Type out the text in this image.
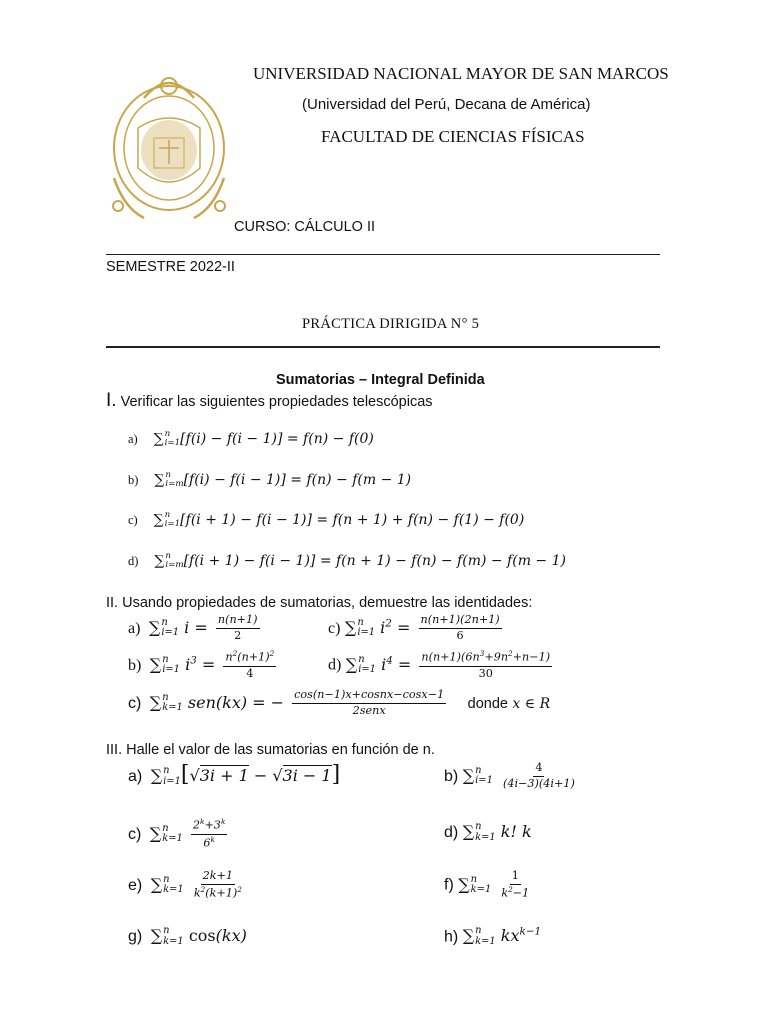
UNIVERSIDAD NACIONAL MAYOR DE SAN MARCOS
(Universidad del Perú, Decana de América)
FACULTAD DE CIENCIAS FÍSICAS
CURSO: CÁLCULO II
SEMESTRE 2022-II
PRÁCTICA DIRIGIDA N° 5
Sumatorias – Integral Definida
I. Verificar las siguientes propiedades telescópicas
a) ∑ n
i=1 [f(i) − f(i − 1)] = f(n) − f(0)
b) ∑ n
i=m [f(i) − f(i − 1)] = f(n) − f(m − 1)
c) ∑ n
i=1 [f(i + 1) − f(i − 1)] = f(n + 1) + f(n) − f(1) − f(0)
d) ∑ n
i=m [f(i + 1) − f(i − 1)] = f(n + 1) − f(n) − f(m) − f(m − 1)
II. Usando propiedades de sumatorias, demuestre las identidades:
a) ∑ n
i=1 $i = \frac{n(n+1)}{2}$	c) ∑ n
i=1 $i^2 = \frac{n(n+1)(2n+1)}{6}$
b) ∑ n
i=1 $i^3 = \frac{n^2(n+1)^2}{4}$	d) ∑ n
i=1 $i^4 = \frac{n(n+1)(6n^3+9n^2+n-1)}{30}$
c) ∑ n
k=1 sen(kx) = − $\frac{\text{cos(n−1)x+cosnx−cosx−1}}{\text{2senx}}$ donde x ∈ R
III. Halle el valor de las sumatorias en función de n.
a) ∑ n
i=1 [√3i + 1 − √3i − 1]	b) ∑ n
i=1
$\frac{4}{(4i-3)(4i+1)}$
c) ∑ n
k=1
$\frac{2^k+3^k}{6^k}$	d) ∑ n
k=1 k! k
e) ∑ n
k=1
$\frac{2k+1}{k^2(k+1)^2}$	f) ∑ n
k=1
$\frac{1}{k^2-1}$
g) ∑ n
k=1 cos(kx)	h) ∑ n
k=1 $kx^{k-1}$
